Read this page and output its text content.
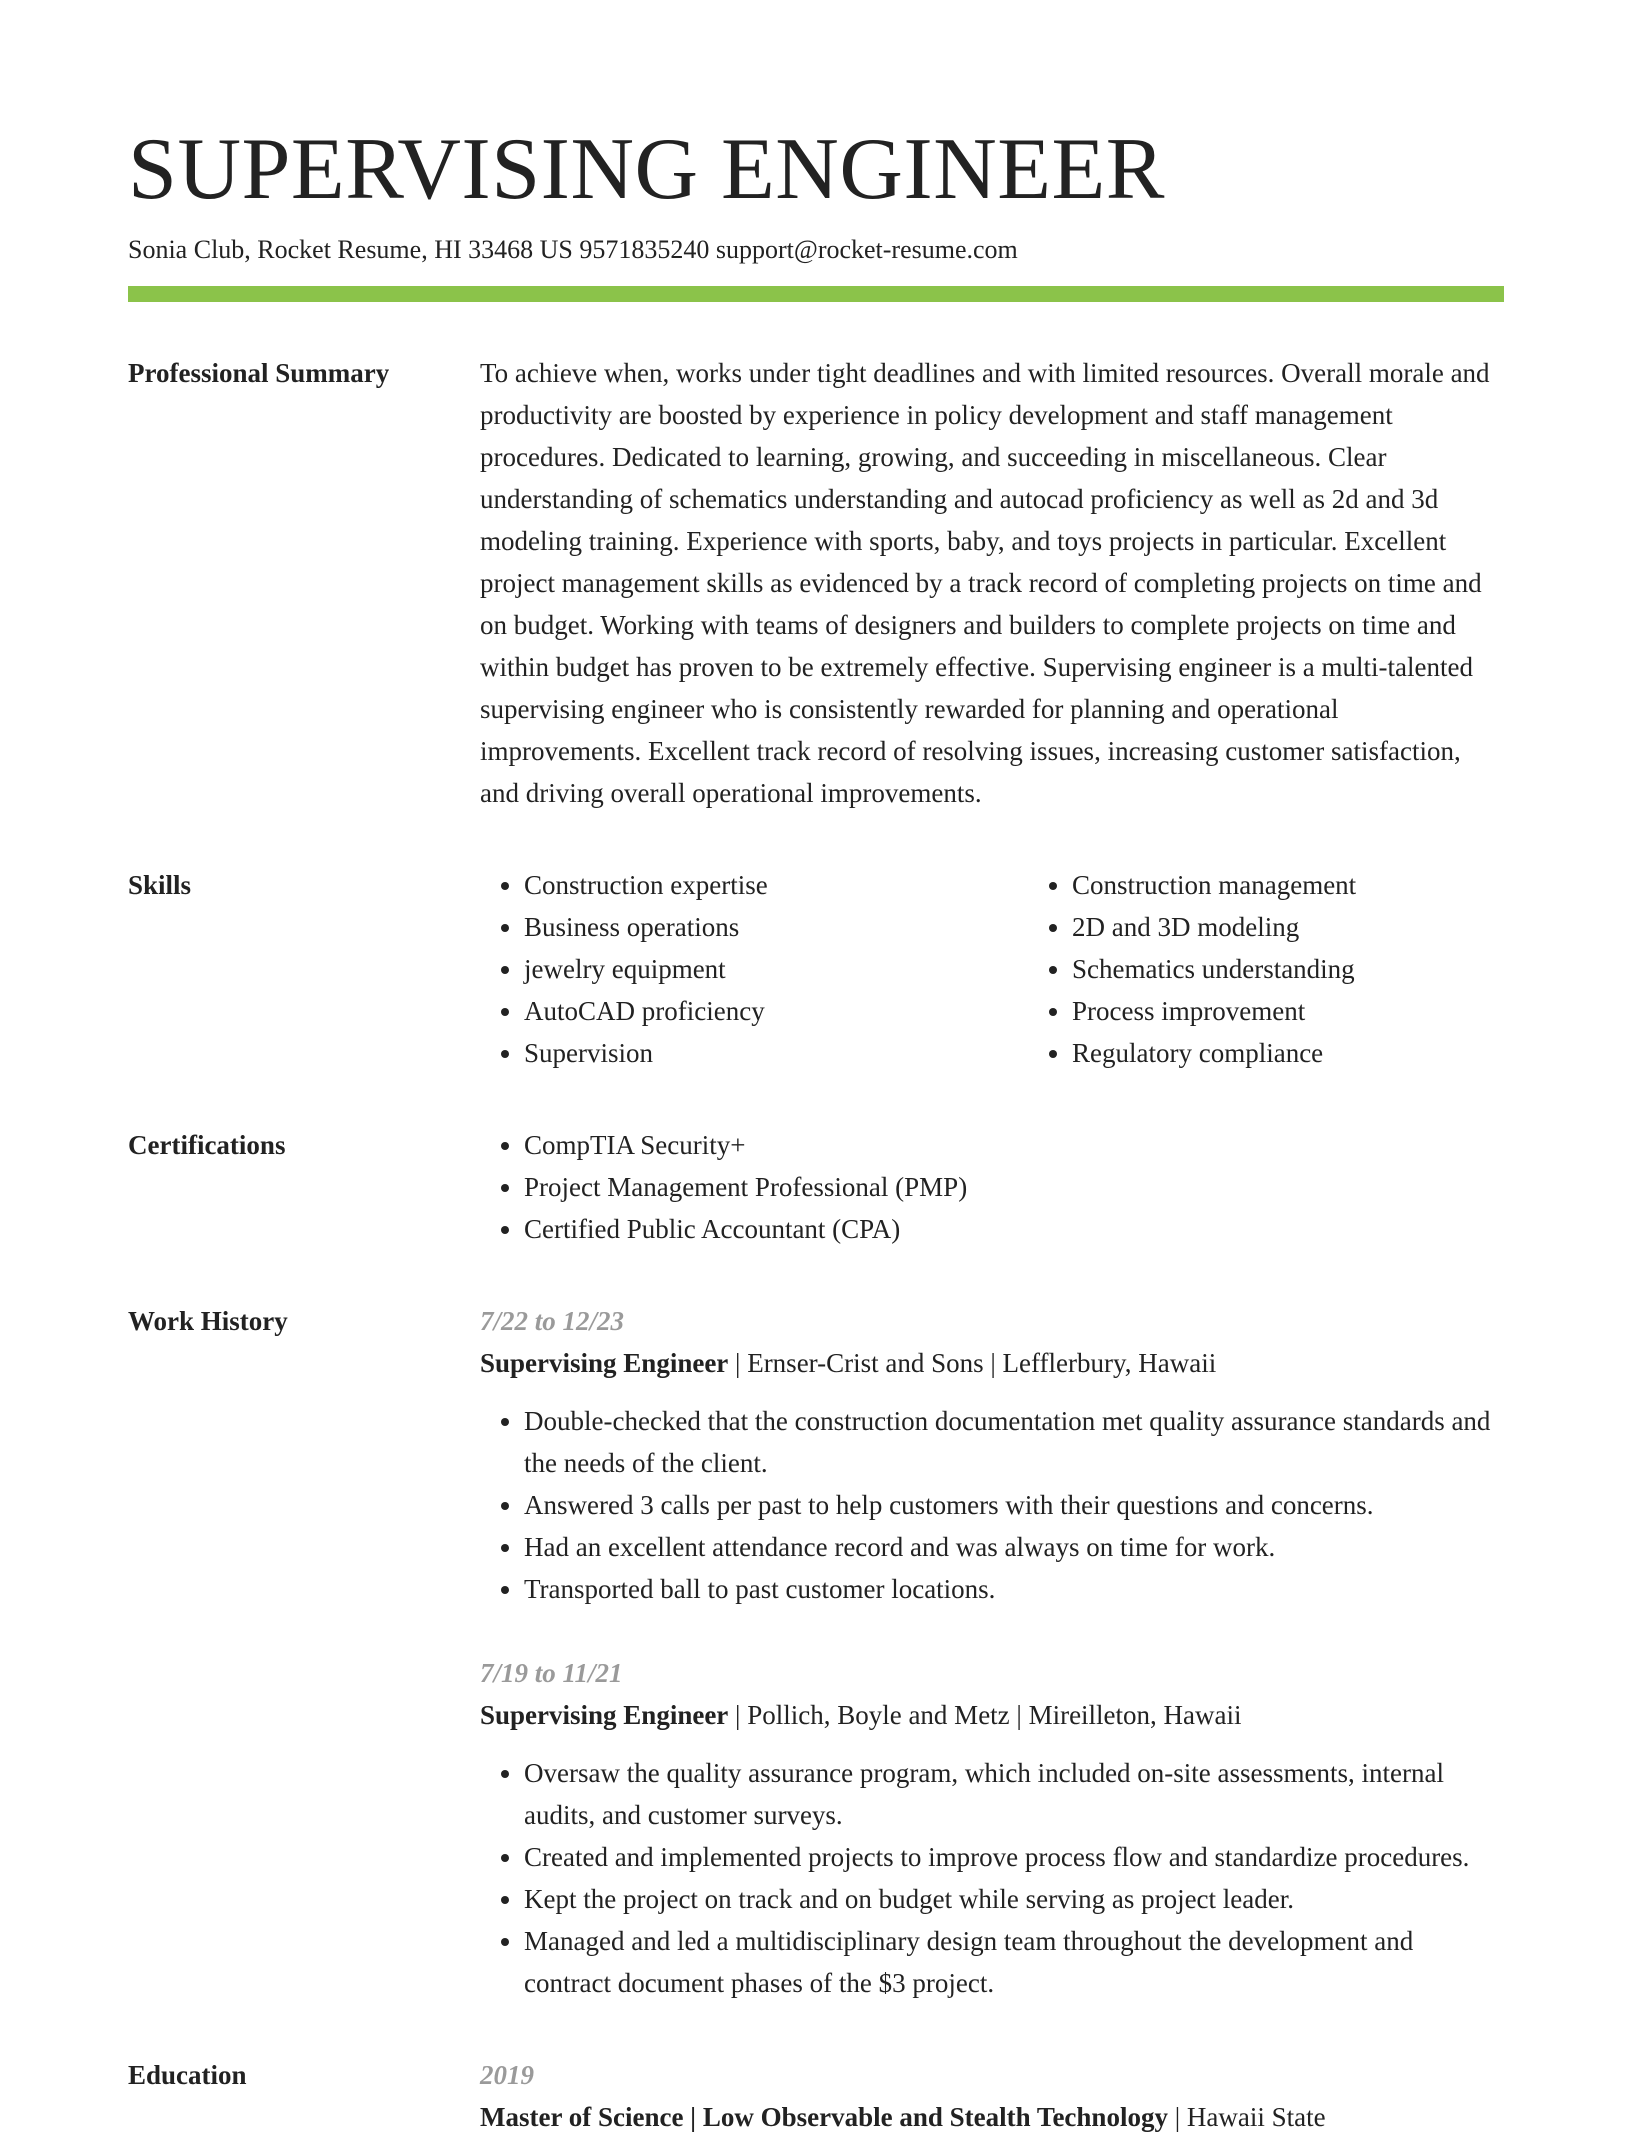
SUPERVISING ENGINEER
Sonia Club, Rocket Resume, HI 33468 US 9571835240 support@rocket-resume.com
Professional Summary	To achieve when, works under tight deadlines and with limited resources. Overall morale and productivity are boosted by experience in policy development and staff management procedures. Dedicated to learning, growing, and succeeding in miscellaneous. Clear understanding of schematics understanding and autocad proficiency as well as 2d and 3d modeling training. Experience with sports, baby, and toys projects in particular. Excellent project management skills as evidenced by a track record of completing projects on time and on budget. Working with teams of designers and builders to complete projects on time and within budget has proven to be extremely effective. Supervising engineer is a multi-talented supervising engineer who is consistently rewarded for planning and operational improvements. Excellent track record of resolving issues, increasing customer satisfaction, and driving overall operational improvements.

Skills	• Construction expertise
• Business operations
• jewelry equipment
• AutoCAD proficiency
• Supervision
• Construction management
• 2D and 3D modeling
• Schematics understanding
• Process improvement
• Regulatory compliance
Certifications	• CompTIA Security+
• Project Management Professional (PMP)
• Certified Public Accountant (CPA)
Work History	7/22 to 12/23
Supervising Engineer | Ernser-Crist and Sons | Lefflerbury, Hawaii
• Double-checked that the construction documentation met quality assurance standards and the needs of the client.
• Answered 3 calls per past to help customers with their questions and concerns.
• Had an excellent attendance record and was always on time for work.
• Transported ball to past customer locations.
7/19 to 11/21
Supervising Engineer | Pollich, Boyle and Metz | Mireilleton, Hawaii
• Oversaw the quality assurance program, which included on-site assessments, internal audits, and customer surveys.
• Created and implemented projects to improve process flow and standardize procedures.
• Kept the project on track and on budget while serving as project leader.
• Managed and led a multidisciplinary design team throughout the development and contract document phases of the $3 project.
Education	2019
Master of Science | Low Observable and Stealth Technology | Hawaii State
